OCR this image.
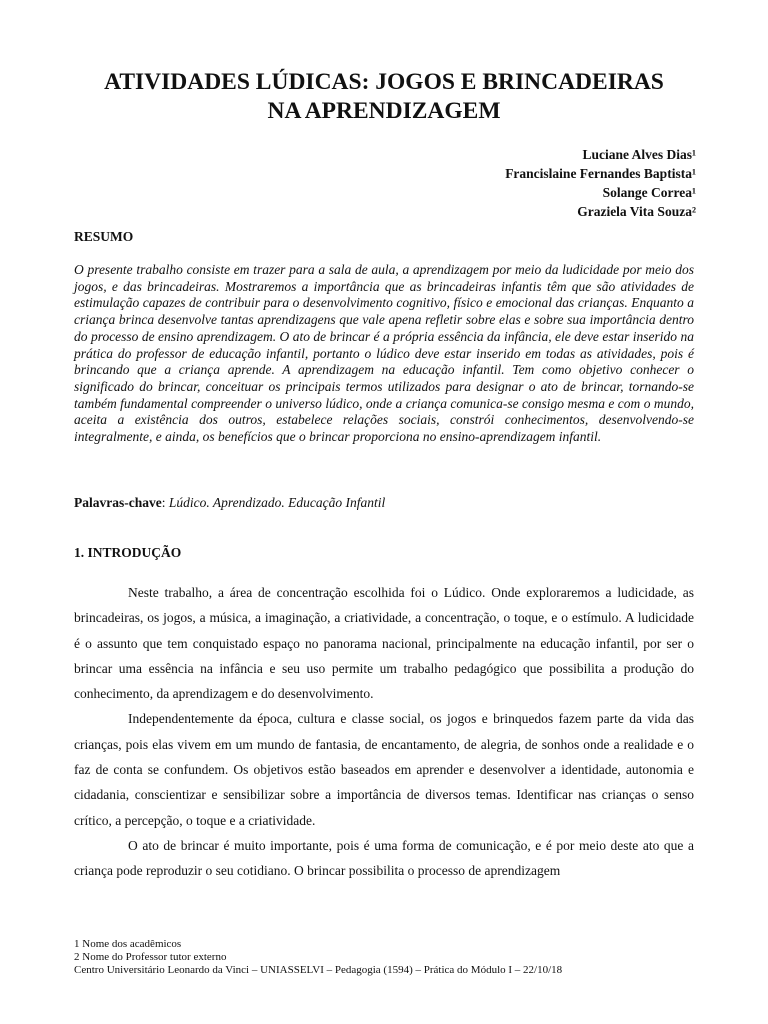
ATIVIDADES LÚDICAS: JOGOS E BRINCADEIRAS
NA APRENDIZAGEM
Luciane Alves Dias¹
Francislaine Fernandes Baptista¹
Solange Correa¹
Graziela Vita Souza²
RESUMO

O presente trabalho consiste em trazer para a sala de aula, a aprendizagem por meio da ludicidade por meio dos jogos, e das brincadeiras. Mostraremos a importância que as brincadeiras infantis têm que são atividades de estimulação capazes de contribuir para o desenvolvimento cognitivo, físico e emocional das crianças. Enquanto a criança brinca desenvolve tantas aprendizagens que vale apena refletir sobre elas e sobre sua importância dentro do processo de ensino aprendizagem. O ato de brincar é a própria essência da infância, ele deve estar inserido na prática do professor de educação infantil, portanto o lúdico deve estar inserido em todas as atividades, pois é brincando que a criança aprende. A aprendizagem na educação infantil. Tem como objetivo conhecer o significado do brincar, conceituar os principais termos utilizados para designar o ato de brincar, tornando-se também fundamental compreender o universo lúdico, onde a criança comunica-se consigo mesma e com o mundo, aceita a existência dos outros, estabelece relações sociais, constrói conhecimentos, desenvolvendo-se integralmente, e ainda, os benefícios que o brincar proporciona no ensino-aprendizagem infantil.

Palavras-chave: Lúdico. Aprendizado. Educação Infantil
1. INTRODUÇÃO

Neste trabalho, a área de concentração escolhida foi o Lúdico. Onde exploraremos a ludicidade, as brincadeiras, os jogos, a música, a imaginação, a criatividade, a concentração, o toque, e o estímulo. A ludicidade é o assunto que tem conquistado espaço no panorama nacional, principalmente na educação infantil, por ser o brincar uma essência na infância e seu uso permite um trabalho pedagógico que possibilita a produção do conhecimento, da aprendizagem e do desenvolvimento.

Independentemente da época, cultura e classe social, os jogos e brinquedos fazem parte da vida das crianças, pois elas vivem em um mundo de fantasia, de encantamento, de alegria, de sonhos onde a realidade e o faz de conta se confundem. Os objetivos estão baseados em aprender e desenvolver a identidade, autonomia e cidadania, conscientizar e sensibilizar sobre a importância de diversos temas. Identificar nas crianças o senso crítico, a percepção, o toque e a criatividade.

O ato de brincar é muito importante, pois é uma forma de comunicação, e é por meio deste ato que a criança pode reproduzir o seu cotidiano. O brincar possibilita o processo de aprendizagem

1 Nome dos acadêmicos
2 Nome do Professor tutor externo
Centro Universitário Leonardo da Vinci – UNIASSELVI – Pedagogia (1594) – Prática do Módulo I – 22/10/18
